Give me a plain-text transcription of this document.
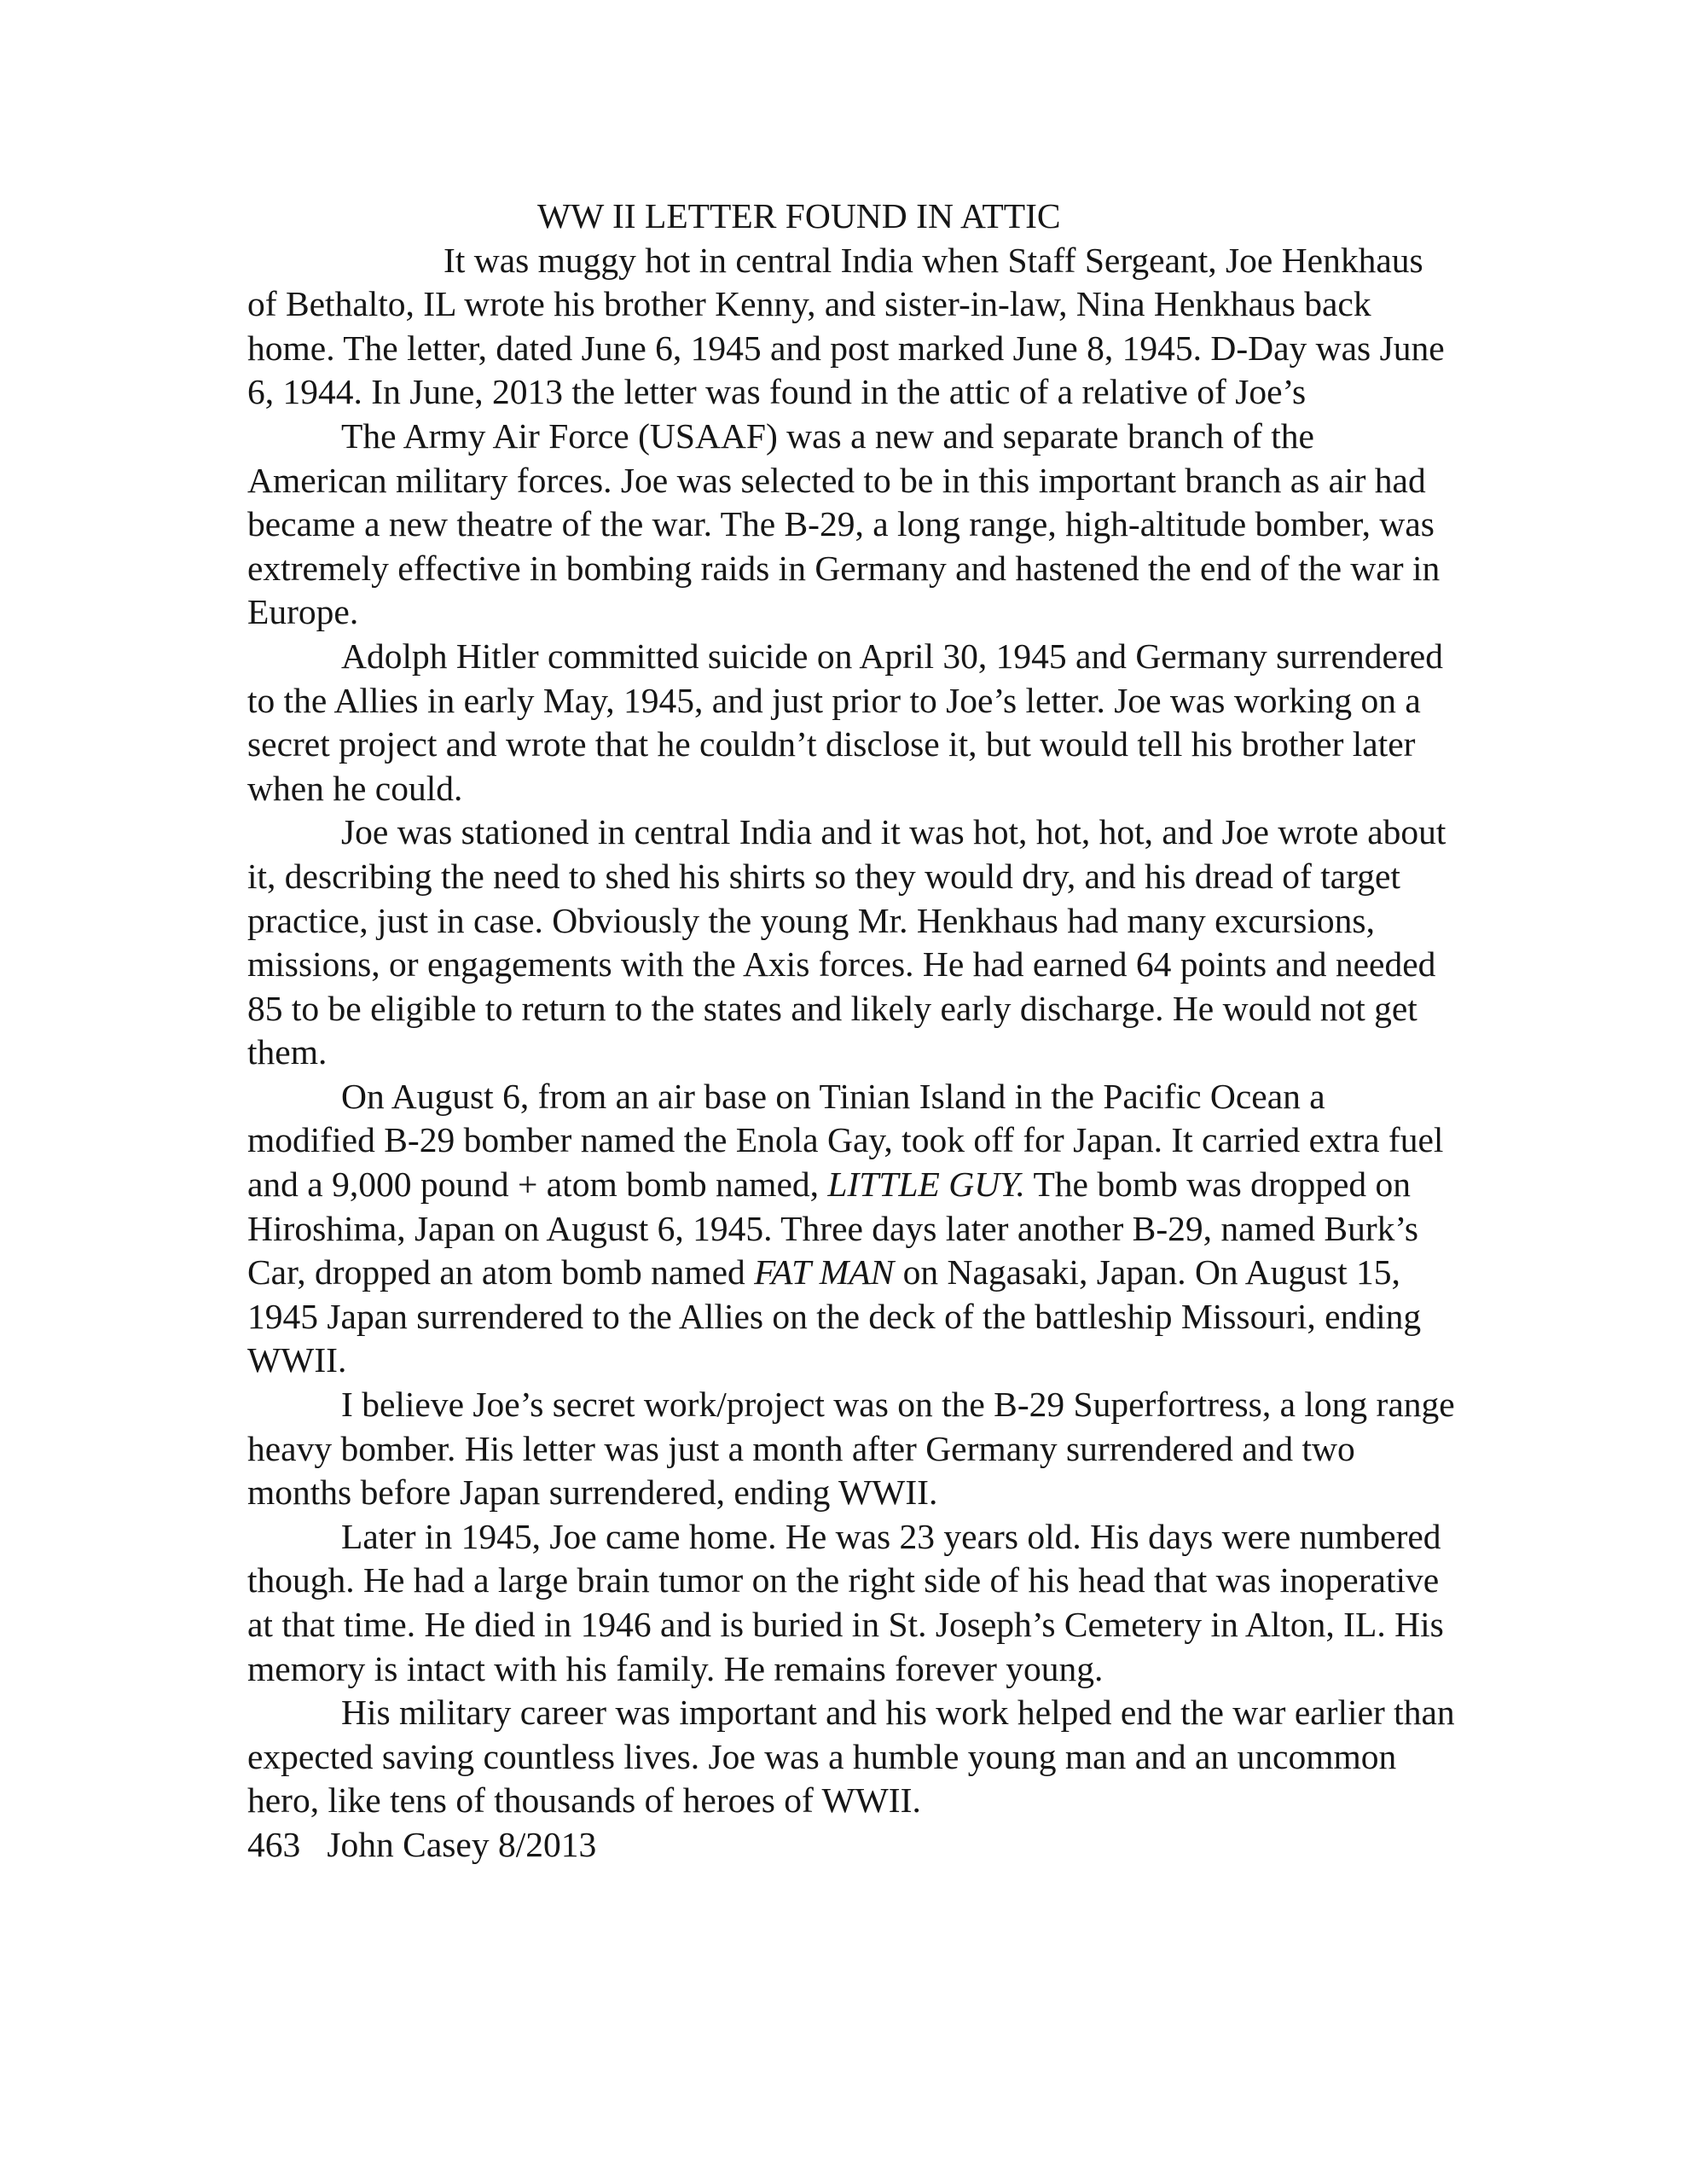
WW II LETTER FOUND IN ATTIC

It was muggy hot in central India when Staff Sergeant, Joe Henkhaus of Bethalto, IL wrote his brother Kenny, and sister-in-law, Nina Henkhaus back home. The letter, dated June 6, 1945 and post marked June 8, 1945. D-Day was June 6, 1944. In June, 2013 the letter was found in the attic of a relative of Joe’s

The Army Air Force (USAAF) was a new and separate branch of the American military forces. Joe was selected to be in this important branch as air had became a new theatre of the war. The B-29, a long range, high-altitude bomber, was extremely effective in bombing raids in Germany and hastened the end of the war in Europe.

Adolph Hitler committed suicide on April 30, 1945 and Germany surrendered to the Allies in early May, 1945, and just prior to Joe’s letter. Joe was working on a secret project and wrote that he couldn’t disclose it, but would tell his brother later when he could.

Joe was stationed in central India and it was hot, hot, hot, and Joe wrote about it, describing the need to shed his shirts so they would dry, and his dread of target practice, just in case. Obviously the young Mr. Henkhaus had many excursions, missions, or engagements with the Axis forces. He had earned 64 points and needed 85 to be eligible to return to the states and likely early discharge. He would not get them.

On August 6, from an air base on Tinian Island in the Pacific Ocean a modified B-29 bomber named the Enola Gay, took off for Japan. It carried extra fuel and a 9,000 pound + atom bomb named, LITTLE GUY. The bomb was dropped on Hiroshima, Japan on August 6, 1945. Three days later another B-29, named Burk’s Car, dropped an atom bomb named FAT MAN on Nagasaki, Japan. On August 15, 1945 Japan surrendered to the Allies on the deck of the battleship Missouri, ending WWII.

I believe Joe’s secret work/project was on the B-29 Superfortress, a long range heavy bomber. His letter was just a month after Germany surrendered and two months before Japan surrendered, ending WWII.

Later in 1945, Joe came home. He was 23 years old. His days were numbered though. He had a large brain tumor on the right side of his head that was inoperative at that time. He died in 1946 and is buried in St. Joseph’s Cemetery in Alton, IL. His memory is intact with his family. He remains forever young.

His military career was important and his work helped end the war earlier than expected saving countless lives. Joe was a humble young man and an uncommon hero, like tens of thousands of heroes of WWII.

463   John Casey 8/2013
